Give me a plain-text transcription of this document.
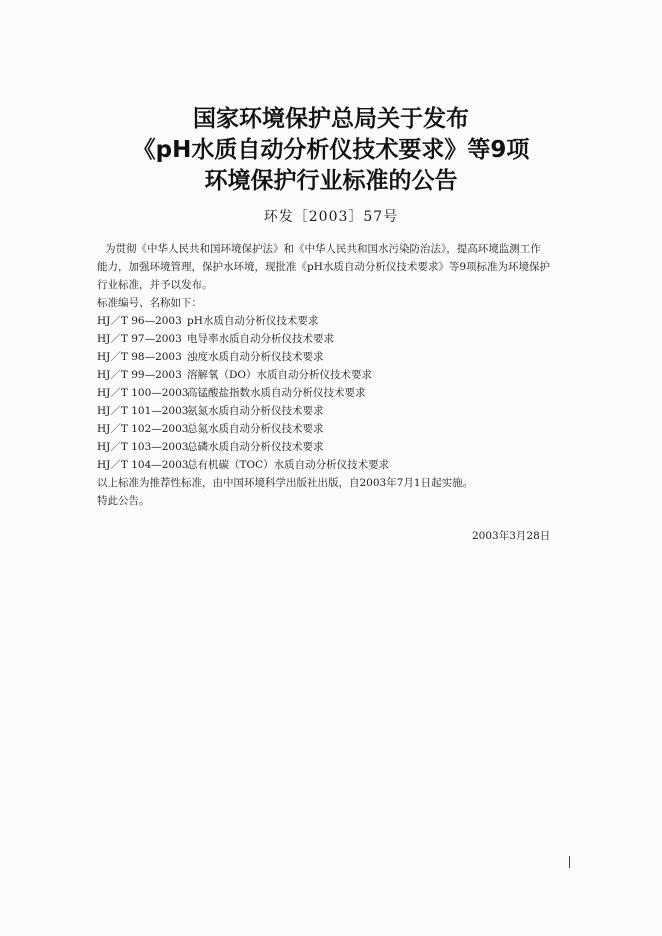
国家环境保护总局关于发布
《pH水质自动分析仪技术要求》等9项
环境保护行业标准的公告
环发［2003］57号
为贯彻《中华人民共和国环境保护法》和《中华人民共和国水污染防治法》，提高环境监测工作
能力，加强环境管理，保护水环境，现批准《pH水质自动分析仪技术要求》等9项标准为环境保护
行业标准，并予以发布。
标准编号、名称如下：
HJ／T 96—2003 pH水质自动分析仪技术要求
HJ／T 97—2003 电导率水质自动分析仪技术要求
HJ／T 98—2003 浊度水质自动分析仪技术要求
HJ／T 99—2003 溶解氧（DO）水质自动分析仪技术要求
HJ／T 100—2003高锰酸盐指数水质自动分析仪技术要求
HJ／T 101—2003氨氮水质自动分析仪技术要求
HJ／T 102—2003总氮水质自动分析仪技术要求
HJ／T 103—2003总磷水质自动分析仪技术要求
HJ／T 104—2003总有机碳（TOC）水质自动分析仪技术要求
以上标准为推荐性标准，由中国环境科学出版社出版，自2003年7月1日起实施。
特此公告。
2003年3月28日
